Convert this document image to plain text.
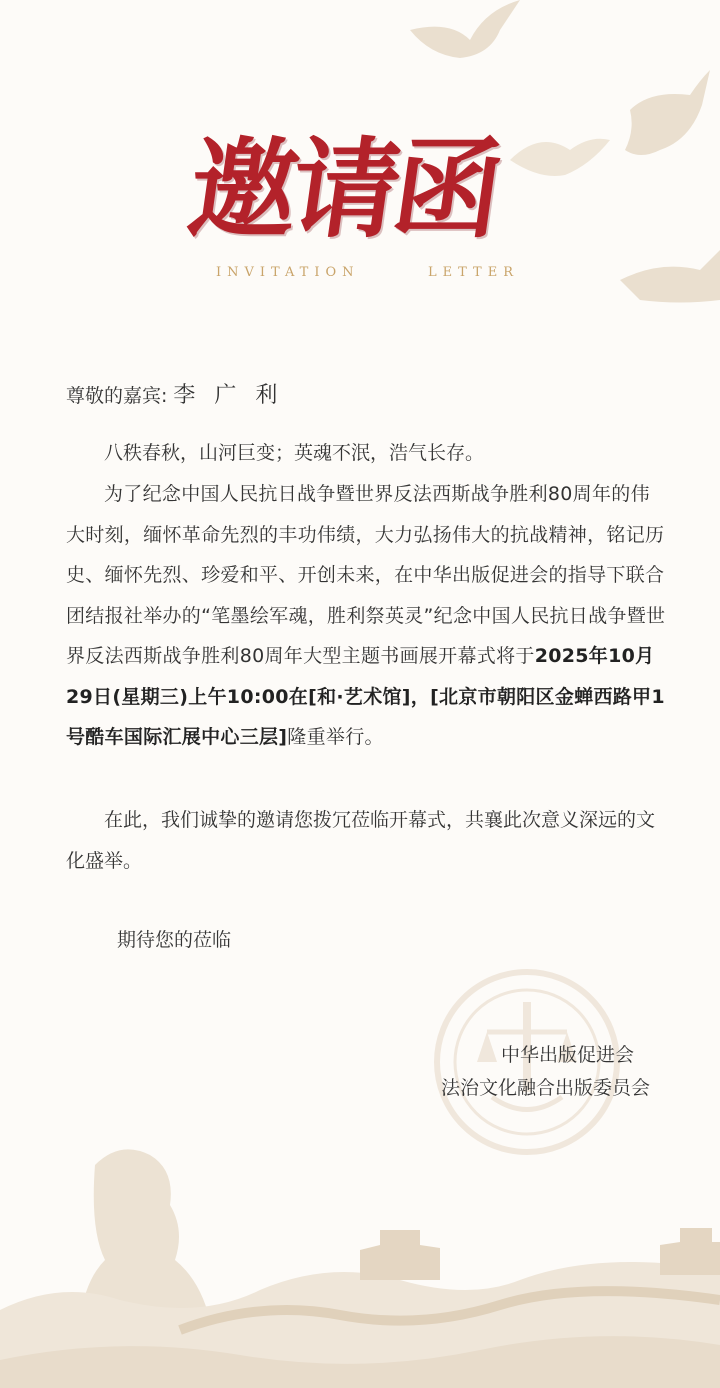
邀请函
INVITATION	LETTER
尊敬的嘉宾: 李 广 利

八秩春秋，山河巨变；英魂不泯，浩气长存。

为了纪念中国人民抗日战争暨世界反法西斯战争胜利80周年的伟大时刻，缅怀革命先烈的丰功伟绩，大力弘扬伟大的抗战精神，铭记历史、缅怀先烈、珍爱和平、开创未来，在中华出版促进会的指导下联合团结报社举办的“笔墨绘军魂，胜利祭英灵”纪念中国人民抗日战争暨世界反法西斯战争胜利80周年大型主题书画展开幕式将于2025年10月29日(星期三)上午10:00在[和·艺术馆]，[北京市朝阳区金蝉西路甲1号酷车国际汇展中心三层]隆重举行。

在此，我们诚挚的邀请您拨冗莅临开幕式，共襄此次意义深远的文化盛举。

期待您的莅临
中华出版促进会
法治文化融合出版委员会
